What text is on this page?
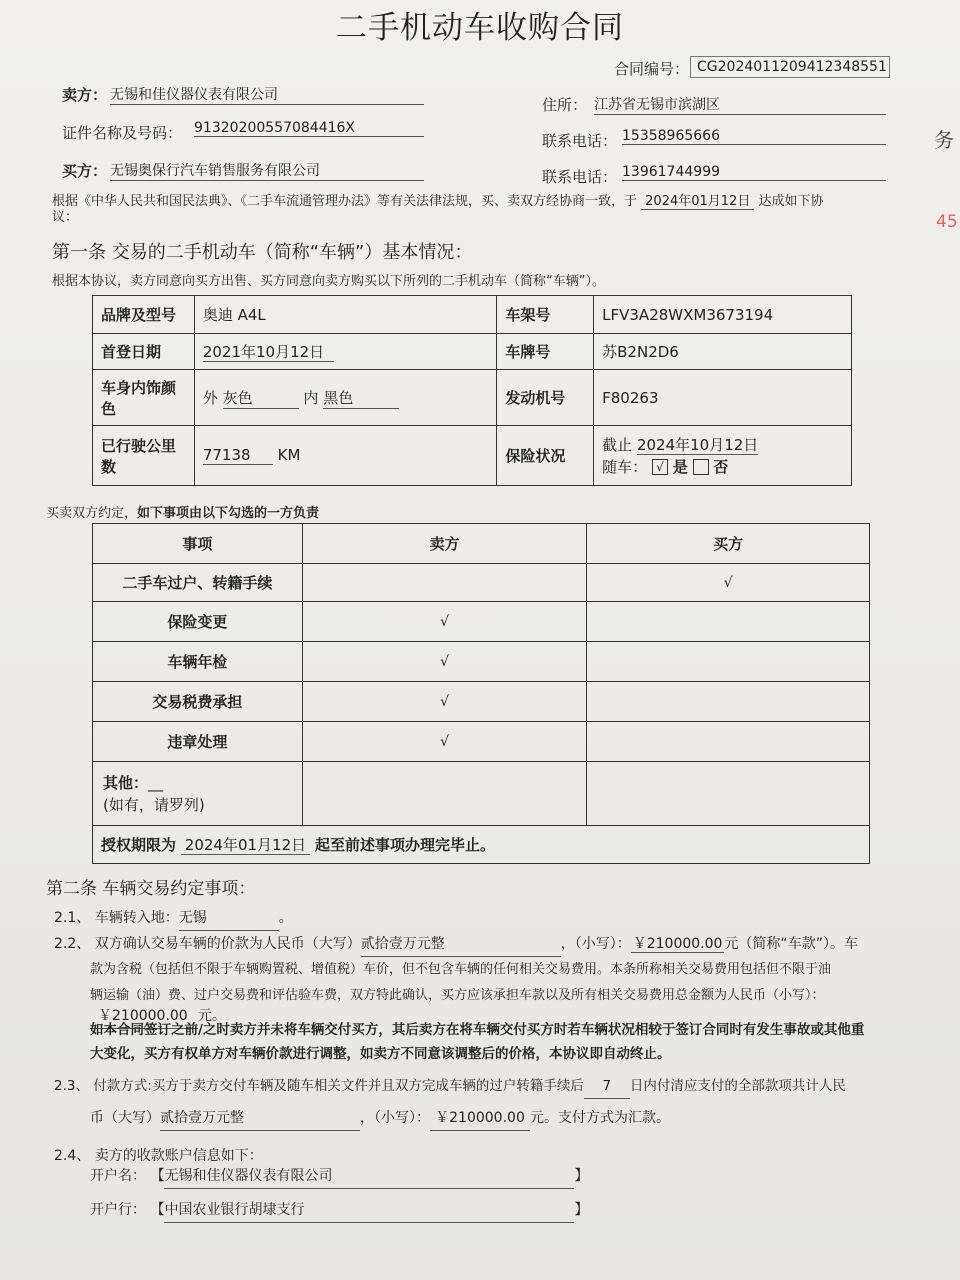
务
45
二手机动车收购合同
合同编号： CG202401120941234855​1
卖方： 无锡和佳仪器仪表有限公司
住所： 江苏省无锡市滨湖区
证件名称及号码： 91320200557084416X
联系电话： 15358965666
买方： 无锡奥保行汽车销售服务有限公司	联系电话： 13961744999
根据《中华人民共和国民法典》、《二手车流通管理办法》等有关法律法规，买、卖双方经协商一致，于 2024年01月12日 达成如下协
议：
第一条 交易的二手机动车（简称“车辆”）基本情况：
根据本协议，卖方同意向买方出售、买方同意向卖方购买以下所列的二手机动车（简称“车辆”）。
品牌及型号	奥迪 A4L	车架号	LFV3A28WXM3673194
首登日期	2021年10月12日	车牌号	苏B2N2D6
车身内饰颜色	外 灰色 内 黑色	发动机号	F80263
已行驶公里数	77138 KM	保险状况	截止 2024年10月12日
随车： √ 是 否
买卖双方约定，如下事项由以下勾选的一方负责
事项	卖方	买方
二手车过户、转籍手续		√
保险变更	√	
车辆年检	√	
交易税费承担	√	
违章处理	√	
其他：__
(如有，请罗列)		
授权期限为 2024年01月12日 起至前述事项办理完毕止。		
第二条 车辆交易约定事项：
2.1、 车辆转入地：无锡	。
2.2、 双方确认交易车辆的价款为人民币（大写）贰拾壹万元整	，（小写）： ￥210000.00 元（简称“车款”）。车
款为含税（包括但不限于车辆购置税、增值税）车价，但不包含车辆的任何相关交易费用。本条所称相关交易费用包括但不限于油
辆运输（油）费、过户交易费和评估验车费，双方特此确认，买方应该承担车款以及所有相关交易费用总金额为人民币（小写）：
￥210000.00 元。
如本合同签订之前/之时卖方并未将车辆交付买方，其后卖方在将车辆交付买方时若车辆状况相较于签订合同时有发生事故或其他重
大变化，买方有权单方对车辆价款进行调整，如卖方不同意该调整后的价格，本协议即自动终止。
2.3、 付款方式:买方于卖方交付车辆及随车相关文件并且双方完成车辆的过户转籍手续后 7 日内付清应支付的全部款项共计人民
币（大写）贰拾壹万元整	，（小写）： ￥210000.00 元。支付方式为汇款。
2.4、 卖方的收款账户信息如下：
开户名： 【无锡和佳仪器仪表有限公司	】
开户行： 【中国农业银行胡埭支行	】
